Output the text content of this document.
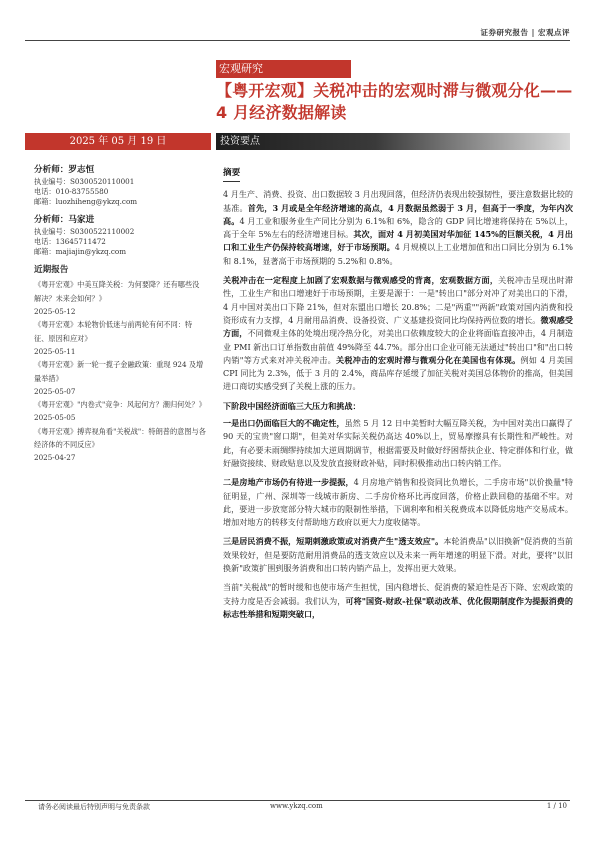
证券研究报告 | 宏观点评
宏观研究
【粤开宏观】关税冲击的宏观时滞与微观分化——4 月经济数据解读
2025 年 05 月 19 日	投资要点
分析师：罗志恒
执业编号：S0300520110001
电话：010-83755580
邮箱：luozhiheng@ykzq.com
分析师：马家进
执业编号：S0300522110002
电话：13645711472
邮箱：majiajin@ykzq.com
近期报告
《粤开宏观》中美互降关税：为何要降？还有哪些没解决？未来会如何？》
2025-05-12
《粤开宏观》本轮物价低迷与前两轮有何不同：特征、原因和应对》
2025-05-11
《粤开宏观》新一轮一揽子金融政策：重现 924 及增量举措》
2025-05-07
《粤开宏观》"内卷式"竞争：风起何方？潮归何处？》
2025-05-05
《粤开宏观》搏弈视角看"关税战"：特朗普的意图与各经济体的不同反应》
2025-04-27
摘要

4 月生产、消费、投资、出口数据较 3 月出现回落，但经济仍表现出较强韧性，要注意数据比较的基准。首先，3 月或是全年经济增速的高点，4 月数据虽然弱于 3 月，但高于一季度，为年内次高。4 月工业和服务业生产同比分别为 6.1%和 6%，隐含的 GDP 同比增速将保持在 5%以上，高于全年 5%左右的经济增速目标。其次，面对 4 月初美国对华加征 145%的巨额关税，4 月出口和工业生产仍保持较高增速，好于市场预期。4 月规模以上工业增加值和出口同比分别为 6.1%和 8.1%，显著高于市场预期的 5.2%和 0.8%。

关税冲击在一定程度上加剧了宏观数据与微观感受的背离，宏观数据方面，关税冲击呈现出时滞性，工业生产和出口增速好于市场预期，主要是源于：一是"转出口"部分对冲了对美出口的下滑，4 月中国对美出口下降 21%，但对东盟出口增长 20.8%；二是"两重""两新"政策对国内消费和投资形成有力支撑，4 月耐用品消费、设备投资、广义基建投资同比均保持两位数的增长。微观感受方面，不同微观主体的处境出现冷热分化，对美出口依赖度较大的企业将面临直接冲击，4 月制造业 PMI 新出口订单指数由前值 49%降至 44.7%。部分出口企业可能无法通过"转出口"和"出口转内销"等方式来对冲关税冲击。关税冲击的宏观时滞与微观分化在美国也有体现。例如 4 月美国 CPI 同比为 2.3%，低于 3 月的 2.4%，商品库存延缓了加征关税对美国总体物价的推高，但美国进口商切实感受到了关税上涨的压力。

下阶段中国经济面临三大压力和挑战：

一是出口仍面临巨大的不确定性，虽然 5 月 12 日中美暂时大幅互降关税，为中国对美出口赢得了 90 天的宝贵"窗口期"，但美对华实际关税仍高达 40%以上，贸易摩擦具有长期性和严峻性。对此，有必要未雨绸缪持续加大逆周期调节，根据需要及时做好纾困帮扶企业、特定群体和行业，做好融资接续、财政贴息以及发放直接财政补贴，同时积极推动出口转内销工作。

二是房地产市场仍有待进一步提振，4 月房地产销售和投资同比负增长，二手房市场"以价换量"特征明显，广州、深圳等一线城市新房、二手房价格环比再度回落，价格止跌回稳的基础不牢。对此，要进一步放宽部分特大城市的限制性举措，下调利率和相关税费成本以降低房地产交易成本。增加对地方的转移支付帮助地方政府以更大力度收储等。

三是居民消费不振，短期刺激政策或对消费产生"透支效应"。本轮消费品"以旧换新"促消费的当前效果较好，但是要防范耐用消费品的透支效应以及未来一两年增速的明显下滑。对此，要将"以旧换新"政策扩围到服务消费和出口转内销产品上，发挥出更大效果。

当前"关税战"的暂时缓和也使市场产生担忧，国内稳增长、促消费的紧迫性是否下降、宏观政策的支持力度是否会减弱。我们认为，可将"国资-财政-社保"联动改革、优化假期制度作为提振消费的标志性举措和短期突破口，

请务必阅读最后特别声明与免责条款	www.ykzq.com	1 / 10
